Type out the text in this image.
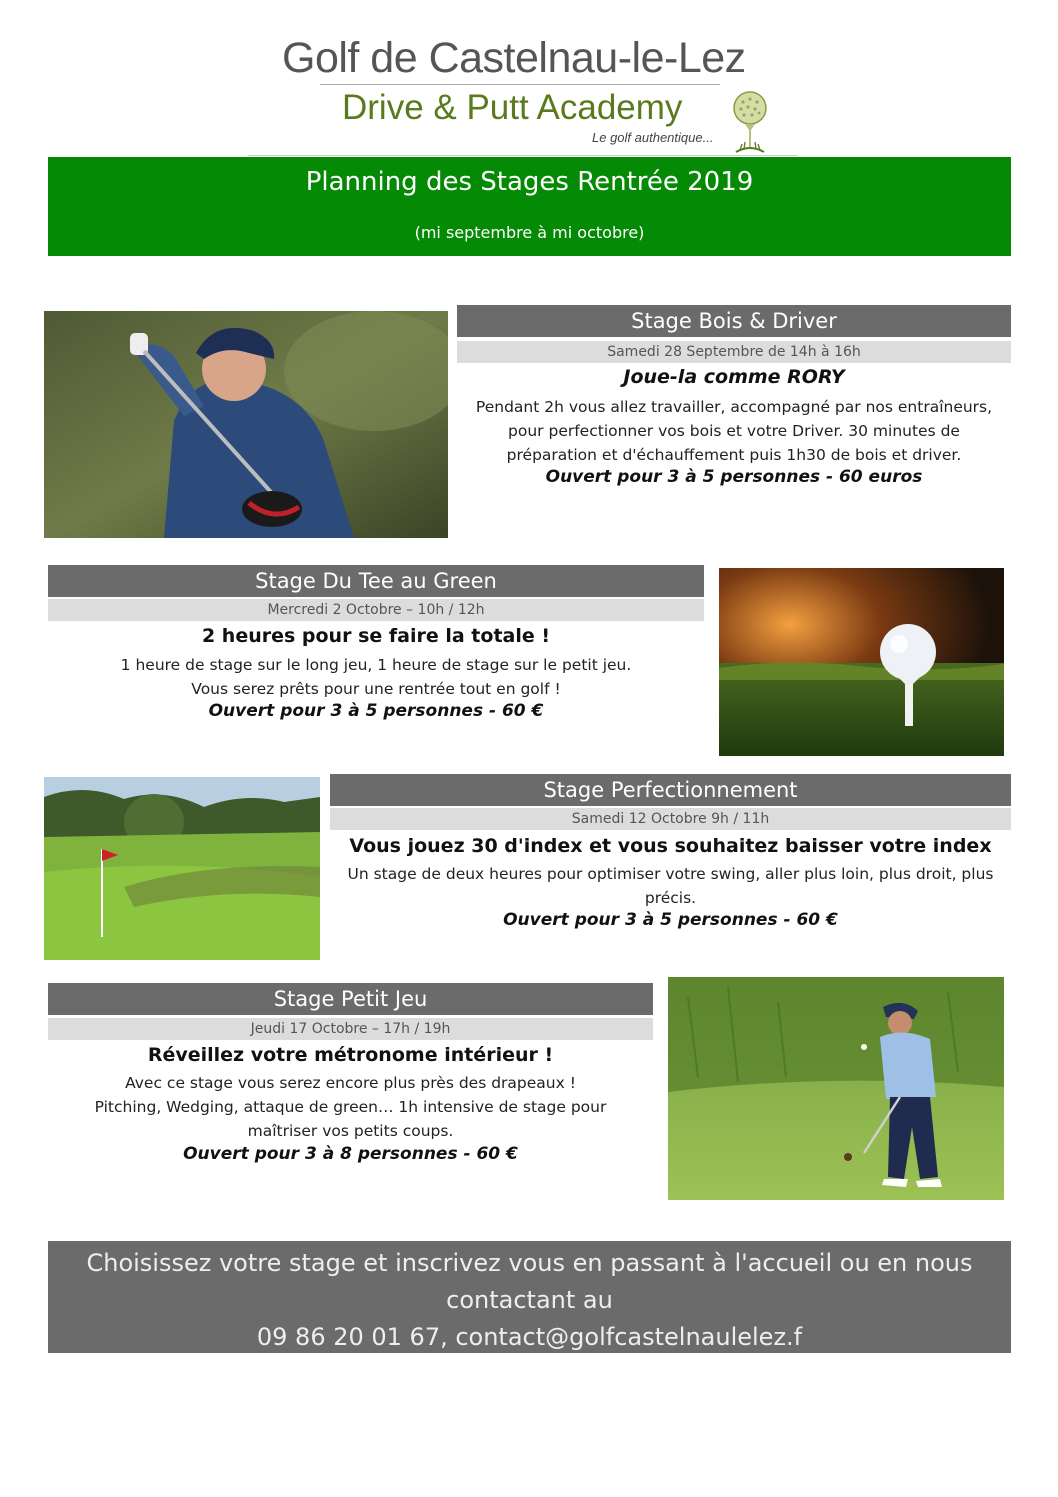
Golf de Castelnau-le-Lez
Drive & Putt Academy
Le golf authentique...
Planning des Stages Rentrée 2019
(mi septembre à mi octobre)
Stage Bois & Driver
Samedi 28 Septembre de 14h à 16h
Joue-la comme RORY
Pendant 2h vous allez travailler, accompagné par nos entraîneurs,
pour perfectionner vos bois et votre Driver. 30 minutes de
préparation et d'échauffement puis 1h30 de bois et driver.
Ouvert pour 3 à 5 personnes - 60 euros
Stage Du Tee au Green
Mercredi 2 Octobre – 10h / 12h
2 heures pour se faire la totale !
1 heure de stage sur le long jeu, 1 heure de stage sur le petit jeu.
Vous serez prêts pour une rentrée tout en golf !
Ouvert pour 3 à 5 personnes - 60 €
Stage Perfectionnement
Samedi 12 Octobre 9h / 11h
Vous jouez 30 d'index et vous souhaitez baisser votre index
Un stage de deux heures pour optimiser votre swing, aller plus loin, plus droit, plus
précis.
Ouvert pour 3 à 5 personnes - 60 €
Stage Petit Jeu
Jeudi 17 Octobre – 17h / 19h
Réveillez votre métronome intérieur !
Avec ce stage vous serez encore plus près des drapeaux !
Pitching, Wedging, attaque de green… 1h intensive de stage pour
maîtriser vos petits coups.
Ouvert pour 3 à 8 personnes - 60 €
Choisissez votre stage et inscrivez vous en passant à l'accueil ou en nous
contactant au
09 86 20 01 67, contact@golfcastelnaulelez.f
